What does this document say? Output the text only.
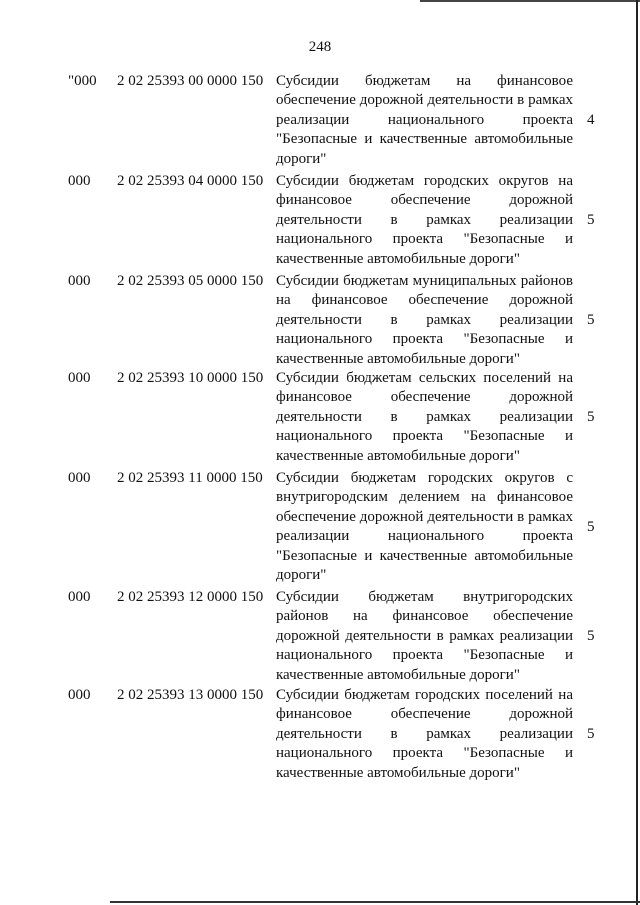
248
"000 2 02 25393 00 0000 150 Субсидии бюджетам на финансовое
обеспечение дорожной деятельности в рамках
реализации национального проекта
"Безопасные и качественные автомобильные
дороги"
4
000 2 02 25393 04 0000 150 Субсидии бюджетам городских округов на
финансовое обеспечение дорожной
деятельности в рамках реализации
национального проекта "Безопасные и
качественные автомобильные дороги"
5
000 2 02 25393 05 0000 150 Субсидии бюджетам муниципальных районов
на финансовое обеспечение дорожной
деятельности в рамках реализации
национального проекта "Безопасные и
качественные автомобильные дороги"
5
000 2 02 25393 10 0000 150 Субсидии бюджетам сельских поселений на
финансовое обеспечение дорожной
деятельности в рамках реализации
национального проекта "Безопасные и
качественные автомобильные дороги"
5
000 2 02 25393 11 0000 150 Субсидии бюджетам городских округов с
внутригородским делением на финансовое
обеспечение дорожной деятельности в рамках
реализации национального проекта
"Безопасные и качественные автомобильные
дороги"
5
000 2 02 25393 12 0000 150 Субсидии бюджетам внутригородских
районов на финансовое обеспечение
дорожной деятельности в рамках реализации
национального проекта "Безопасные и
качественные автомобильные дороги"
5
000 2 02 25393 13 0000 150 Субсидии бюджетам городских поселений на
финансовое обеспечение дорожной
деятельности в рамках реализации
национального проекта "Безопасные и
качественные автомобильные дороги"
5
